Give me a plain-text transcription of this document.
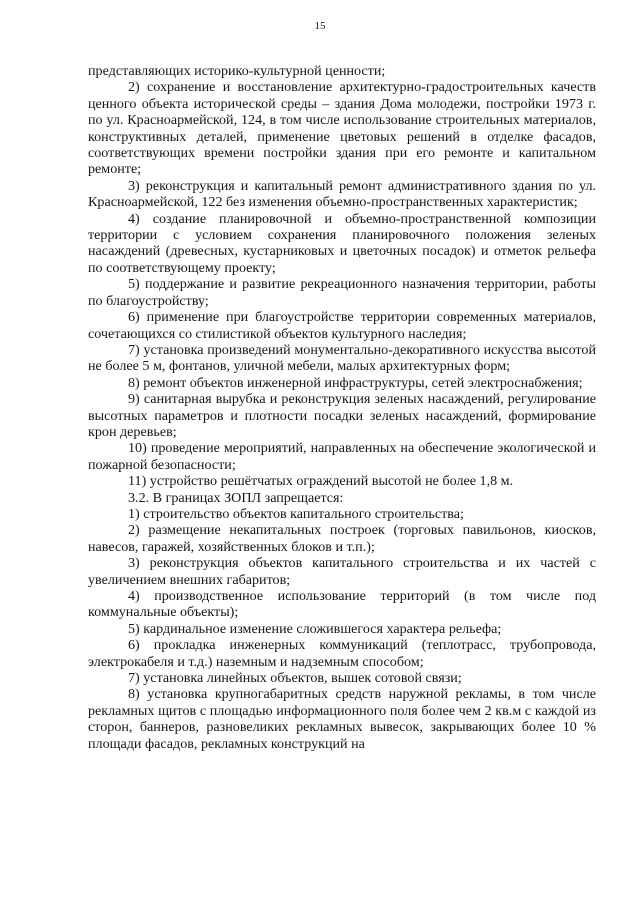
15

представляющих историко-культурной ценности;

2) сохранение и восстановление архитектурно-градостроительных качеств ценного объекта исторической среды – здания Дома молодежи, постройки 1973 г. по ул. Красноармейской, 124, в том числе использование строительных материалов, конструктивных деталей, применение цветовых решений в отделке фасадов, соответствующих времени постройки здания при его ремонте и капитальном ремонте;

3) реконструкция и капитальный ремонт административного здания по ул. Красноармейской, 122 без изменения объемно-пространственных характеристик;

4) создание планировочной и объемно-пространственной композиции территории с условием сохранения планировочного положения зеленых насаждений (древесных, кустарниковых и цветочных посадок) и отметок рельефа по соответствующему проекту;

5) поддержание и развитие рекреационного назначения территории, работы по благоустройству;

6) применение при благоустройстве территории современных материалов, сочетающихся со стилистикой объектов культурного наследия;

7) установка произведений монументально-декоративного искусства высотой не более 5 м, фонтанов, уличной мебели, малых архитектурных форм;

8) ремонт объектов инженерной инфраструктуры, сетей электроснабжения;

9) санитарная вырубка и реконструкция зеленых насаждений, регулирование высотных параметров и плотности посадки зеленых насаждений, формирование крон деревьев;

10) проведение мероприятий, направленных на обеспечение экологической и пожарной безопасности;

11) устройство решётчатых ограждений высотой не более 1,8 м.

3.2. В границах ЗОПЛ запрещается:

1) строительство объектов капитального строительства;

2) размещение некапитальных построек (торговых павильонов, киосков, навесов, гаражей, хозяйственных блоков и т.п.);

3) реконструкция объектов капитального строительства и их частей с увеличением внешних габаритов;

4) производственное использование территорий (в том числе под коммунальные объекты);

5) кардинальное изменение сложившегося характера рельефа;

6) прокладка инженерных коммуникаций (теплотрасс, трубопровода, электрокабеля и т.д.) наземным и надземным способом;

7) установка линейных объектов, вышек сотовой связи;

8) установка крупногабаритных средств наружной рекламы, в том числе рекламных щитов с площадью информационного поля более чем 2 кв.м с каждой из сторон, баннеров, разновеликих рекламных вывесок, закрывающих более 10 % площади фасадов, рекламных конструкций на
